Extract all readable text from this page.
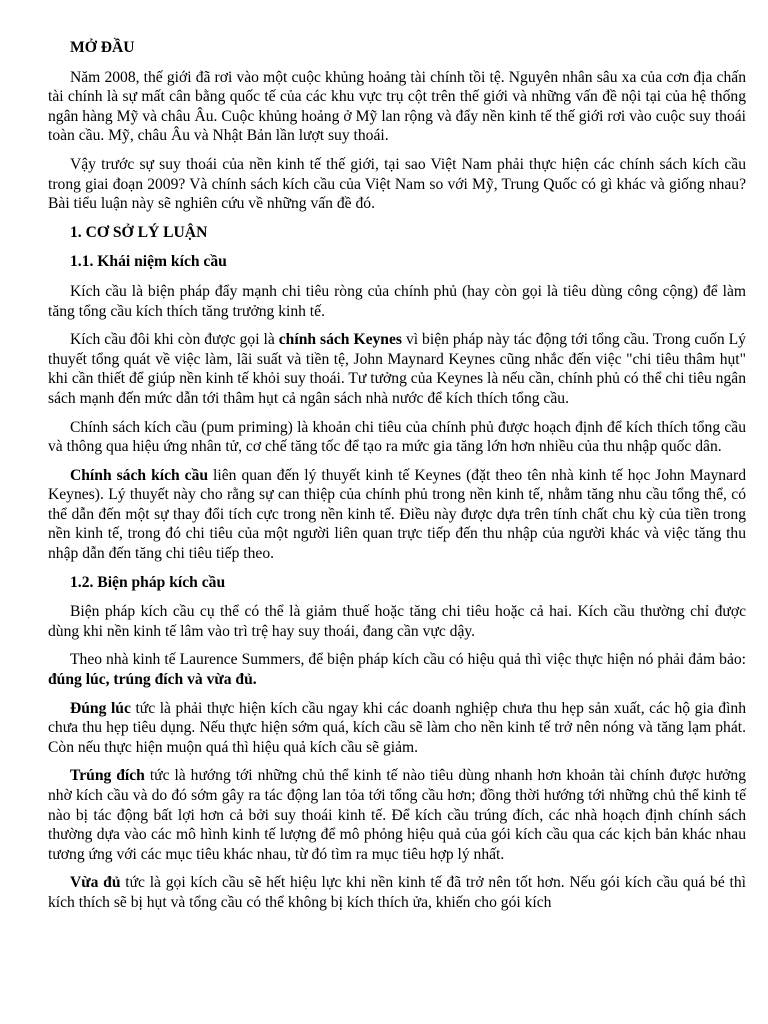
MỞ ĐẦU

Năm 2008, thế giới đã rơi vào một cuộc khủng hoảng tài chính tồi tệ. Nguyên nhân sâu xa của cơn địa chấn tài chính là sự mất cân bằng quốc tế của các khu vực trụ cột trên thế giới và những vấn đề nội tại của hệ thống ngân hàng Mỹ và châu Âu. Cuộc khủng hoảng ở Mỹ lan rộng và đẩy nền kinh tế thế giới rơi vào cuộc suy thoái toàn cầu. Mỹ, châu Âu và Nhật Bản lần lượt suy thoái.

Vậy trước sự suy thoái của nền kinh tế thế giới, tại sao Việt Nam phải thực hiện các chính sách kích cầu trong giai đoạn 2009? Và chính sách kích cầu của Việt Nam so với Mỹ, Trung Quốc có gì khác và giống nhau? Bài tiểu luận này sẽ nghiên cứu về những vấn đề đó.

1. CƠ SỞ LÝ LUẬN
1.1. Khái niệm kích cầu

Kích cầu là biện pháp đẩy mạnh chi tiêu ròng của chính phủ (hay còn gọi là tiêu dùng công cộng) để làm tăng tổng cầu kích thích tăng trưởng kinh tế.

Kích cầu đôi khi còn được gọi là chính sách Keynes vì biện pháp này tác động tới tổng cầu. Trong cuốn Lý thuyết tổng quát về việc làm, lãi suất và tiền tệ, John Maynard Keynes cũng nhắc đến việc "chi tiêu thâm hụt" khi cần thiết để giúp nền kinh tế khỏi suy thoái. Tư tưởng của Keynes là nếu cần, chính phủ có thể chi tiêu ngân sách mạnh đến mức dẫn tới thâm hụt cả ngân sách nhà nước để kích thích tổng cầu.

Chính sách kích cầu (pum priming) là khoản chi tiêu của chính phủ được hoạch định để kích thích tổng cầu và thông qua hiệu ứng nhân tử, cơ chế tăng tốc để tạo ra mức gia tăng lớn hơn nhiều của thu nhập quốc dân.

Chính sách kích cầu liên quan đến lý thuyết kinh tế Keynes (đặt theo tên nhà kinh tế học John Maynard Keynes). Lý thuyết này cho rằng sự can thiệp của chính phủ trong nền kinh tế, nhằm tăng nhu cầu tổng thể, có thể dẫn đến một sự thay đổi tích cực trong nền kinh tế. Điều này được dựa trên tính chất chu kỳ của tiền trong nền kinh tế, trong đó chi tiêu của một người liên quan trực tiếp đến thu nhập của người khác và việc tăng thu nhập dẫn đến tăng chi tiêu tiếp theo.

1.2. Biện pháp kích cầu

Biện pháp kích cầu cụ thể có thể là giảm thuế hoặc tăng chi tiêu hoặc cả hai. Kích cầu thường chỉ được dùng khi nền kinh tế lâm vào trì trệ hay suy thoái, đang cần vực dậy.

Theo nhà kinh tế Laurence Summers, để biện pháp kích cầu có hiệu quả thì việc thực hiện nó phải đảm bảo: đúng lúc, trúng đích và vừa đủ.

Đúng lúc tức là phải thực hiện kích cầu ngay khi các doanh nghiệp chưa thu hẹp sản xuất, các hộ gia đình chưa thu hẹp tiêu dụng. Nếu thực hiện sớm quá, kích cầu sẽ làm cho nền kinh tế trở nên nóng và tăng lạm phát. Còn nếu thực hiện muộn quá thì hiệu quả kích cầu sẽ giảm.

Trúng đích tức là hướng tới những chủ thể kinh tế nào tiêu dùng nhanh hơn khoản tài chính được hưởng nhờ kích cầu và do đó sớm gây ra tác động lan tỏa tới tổng cầu hơn; đồng thời hướng tới những chủ thể kinh tế nào bị tác động bất lợi hơn cả bởi suy thoái kinh tế. Để kích cầu trúng đích, các nhà hoạch định chính sách thường dựa vào các mô hình kinh tế lượng để mô phỏng hiệu quả của gói kích cầu qua các kịch bản khác nhau tương ứng với các mục tiêu khác nhau, từ đó tìm ra mục tiêu hợp lý nhất.

Vừa đủ tức là gọi kích cầu sẽ hết hiệu lực khi nền kinh tế đã trở nên tốt hơn. Nếu gói kích cầu quá bé thì kích thích sẽ bị hụt và tổng cầu có thể không bị kích thích ửa, khiến cho gói kích
